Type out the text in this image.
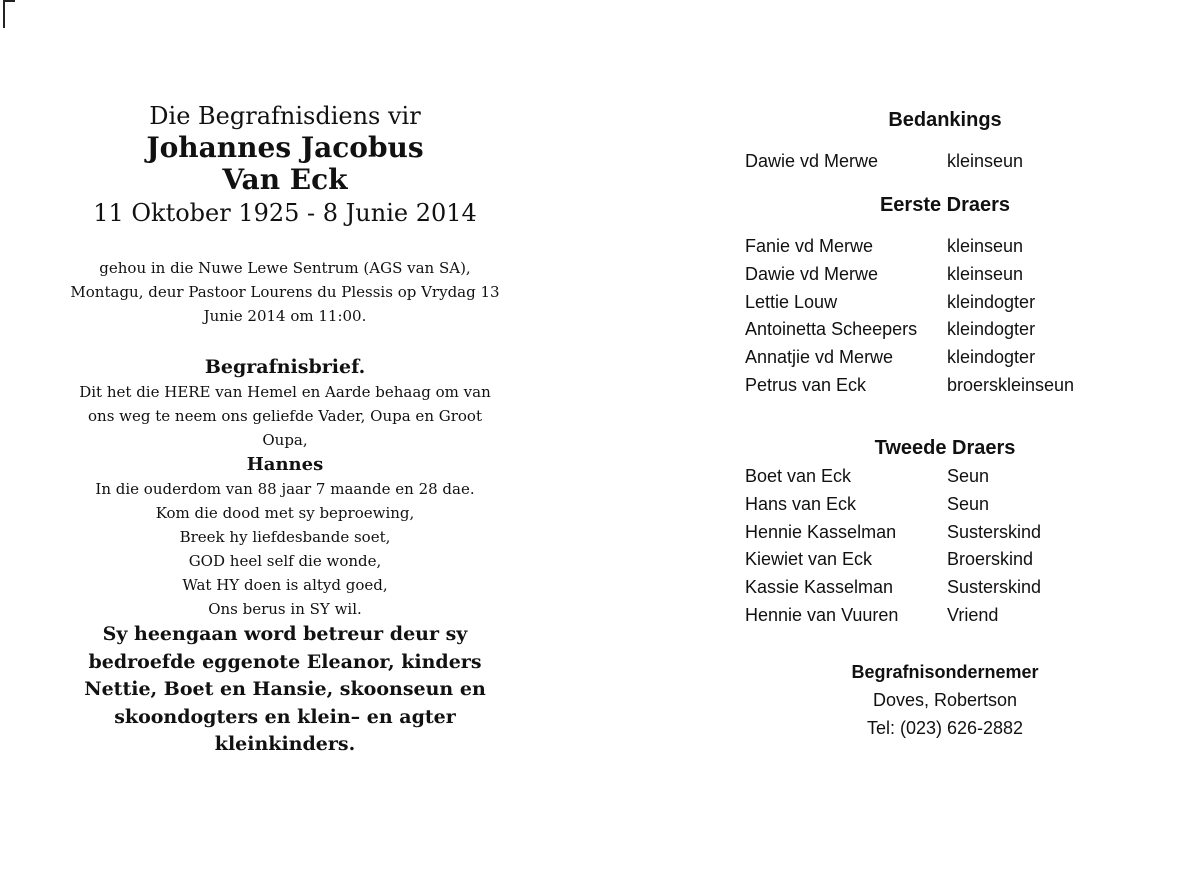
Die Begrafnisdiens vir

Johannes Jacobus

Van Eck

11 Oktober 1925 - 8 Junie 2014

gehou in die Nuwe Lewe Sentrum (AGS van SA),
Montagu, deur Pastoor Lourens du Plessis op Vrydag 13
Junie 2014 om 11:00.

Begrafnisbrief.

Dit het die HERE van Hemel en Aarde behaag om van
ons weg te neem ons geliefde Vader, Oupa en Groot
Oupa,
Hannes
In die ouderdom van 88 jaar 7 maande en 28 dae.
Kom die dood met sy beproewing,
Breek hy liefdesbande soet,
GOD heel self die wonde,
Wat HY doen is altyd goed,
Ons berus in SY wil.
Sy heengaan word betreur deur sy
bedroefde eggenote Eleanor, kinders
Nettie, Boet en Hansie, skoonseun en
skoondogters en klein– en agter
kleinkinders.

Bedankings

Dawie vd Merwe	kleinseun

Eerste Draers

Fanie vd Merwe	kleinseun
Dawie vd Merwe	kleinseun
Lettie Louw	kleindogter
Antoinetta Scheepers	kleindogter
Annatjie vd Merwe	kleindogter
Petrus van Eck	broerskleinseun

Tweede Draers

Boet van Eck	Seun
Hans van Eck	Seun
Hennie Kasselman	Susterskind
Kiewiet van Eck	Broerskind
Kassie Kasselman	Susterskind
Hennie van Vuuren	Vriend

Begrafnisondernemer

Doves, Robertson

Tel: (023) 626-2882
